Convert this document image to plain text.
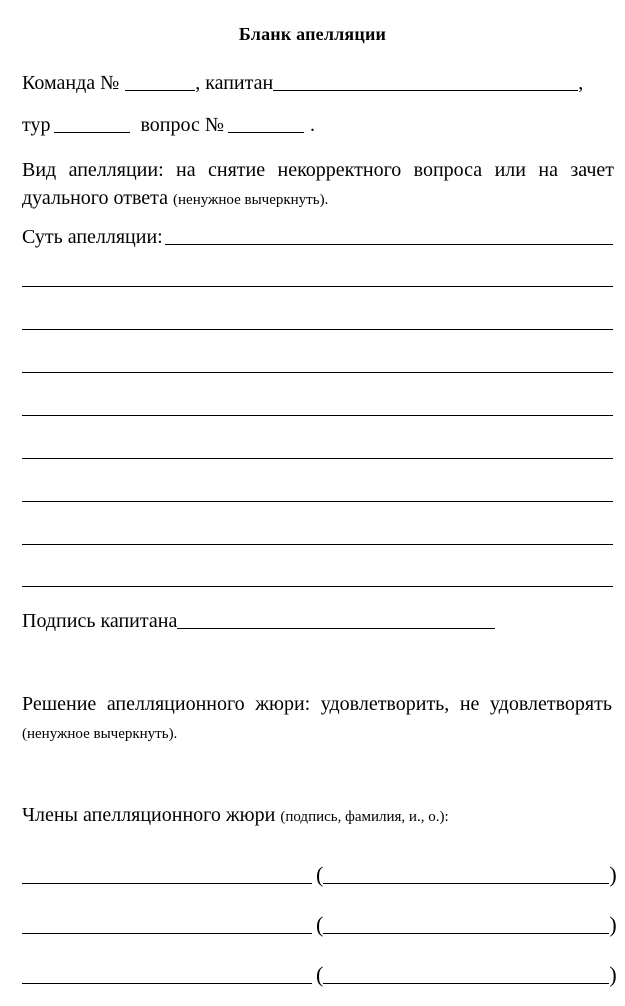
Бланк апелляции
Команда №	, капитан	,
тур	вопрос №	.
Вид апелляции: на снятие некорректного вопроса или на зачет дуального ответа (ненужное вычеркнуть).
Суть апелляции:
Подпись капитана
Решение апелляционного жюри: удовлетворить, не удовлетворять (ненужное вычеркнуть).
Члены апелляционного жюри (подпись, фамилия, и., о.):
(	)
(	)
(	)
